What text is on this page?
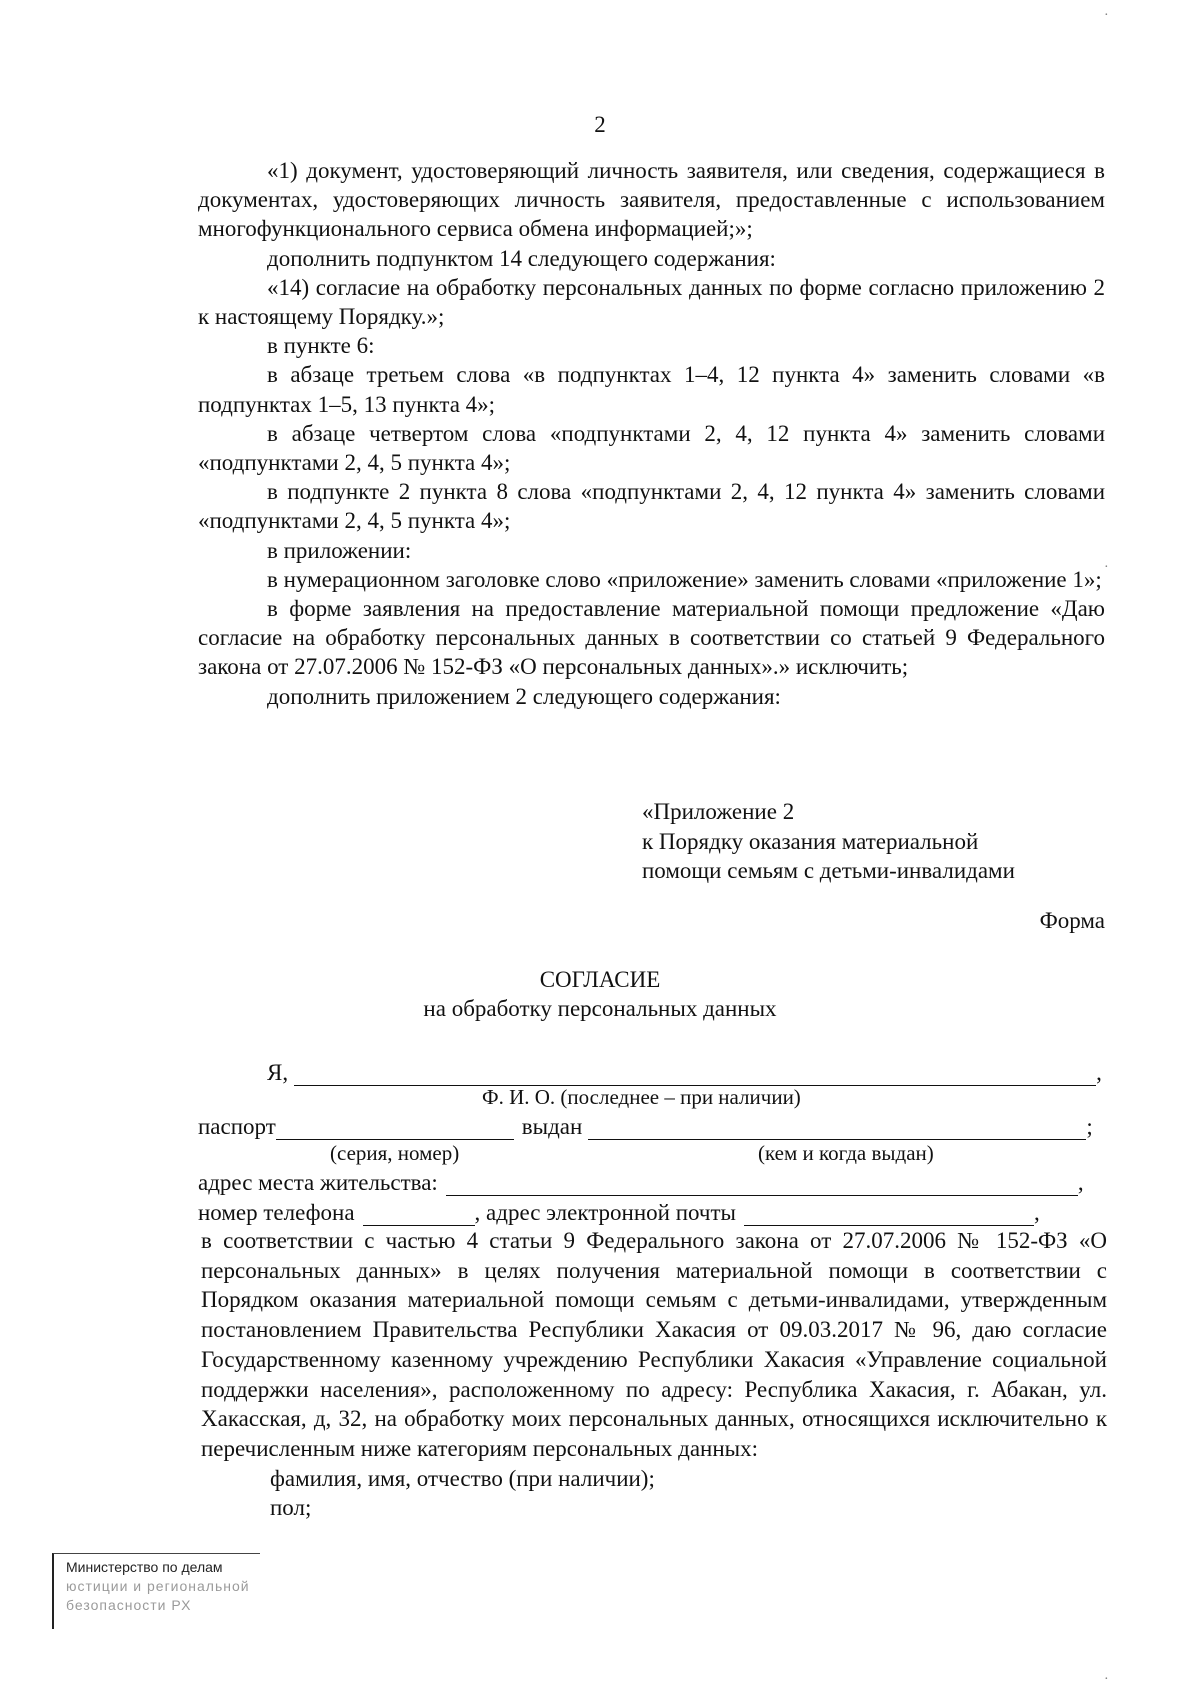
2

«1) документ, удостоверяющий личность заявителя, или сведения, содержащиеся в документах, удостоверяющих личность заявителя, предоставленные с использованием многофункционального сервиса обмена информацией;»;

дополнить подпунктом 14 следующего содержания:

«14) согласие на обработку персональных данных по форме согласно приложению 2 к настоящему Порядку.»;

в пункте 6:

в абзаце третьем слова «в подпунктах 1–4, 12 пункта 4» заменить словами «в подпунктах 1–5, 13 пункта 4»;

в абзаце четвертом слова «подпунктами 2, 4, 12 пункта 4» заменить словами «подпунктами 2, 4, 5 пункта 4»;

в подпункте 2 пункта 8 слова «подпунктами 2, 4, 12 пункта 4» заменить словами «подпунктами 2, 4, 5 пункта 4»;

в приложении:

в нумерационном заголовке слово «приложение» заменить словами «приложение 1»;

в форме заявления на предоставление материальной помощи предложение «Даю согласие на обработку персональных данных в соответствии со статьей 9 Федерального закона от 27.07.2006 № 152-ФЗ «О персональных данных».» исключить;

дополнить приложением 2 следующего содержания:

«Приложение 2

к Порядку оказания материальной

помощи семьям с детьми-инвалидами

Форма
СОГЛАСИЕ
на обработку персональных данных
Я,	,
Ф. И. О. (последнее – при наличии)
паспорт	выдан	;
(серия, номер)	(кем и когда выдан)
адрес места жительства:	,
номер телефона	, адрес электронной почты	,

в соответствии с частью 4 статьи 9 Федерального закона от 27.07.2006 № 152-ФЗ «О персональных данных» в целях получения материальной помощи в соответствии с Порядком оказания материальной помощи семьям с детьми-инвалидами, утвержденным постановлением Правительства Республики Хакасия от 09.03.2017 № 96, даю согласие Государственному казенному учреждению Республики Хакасия «Управление социальной поддержки населения», расположенному по адресу: Республика Хакасия, г. Абакан, ул. Хакасская, д, 32, на обработку моих персональных данных, относящихся исключительно к перечисленным ниже категориям персональных данных:

фамилия, имя, отчество (при наличии);

пол;

Министерство по делам
юстиции и региональной
безопасности РХ
·
·
·
